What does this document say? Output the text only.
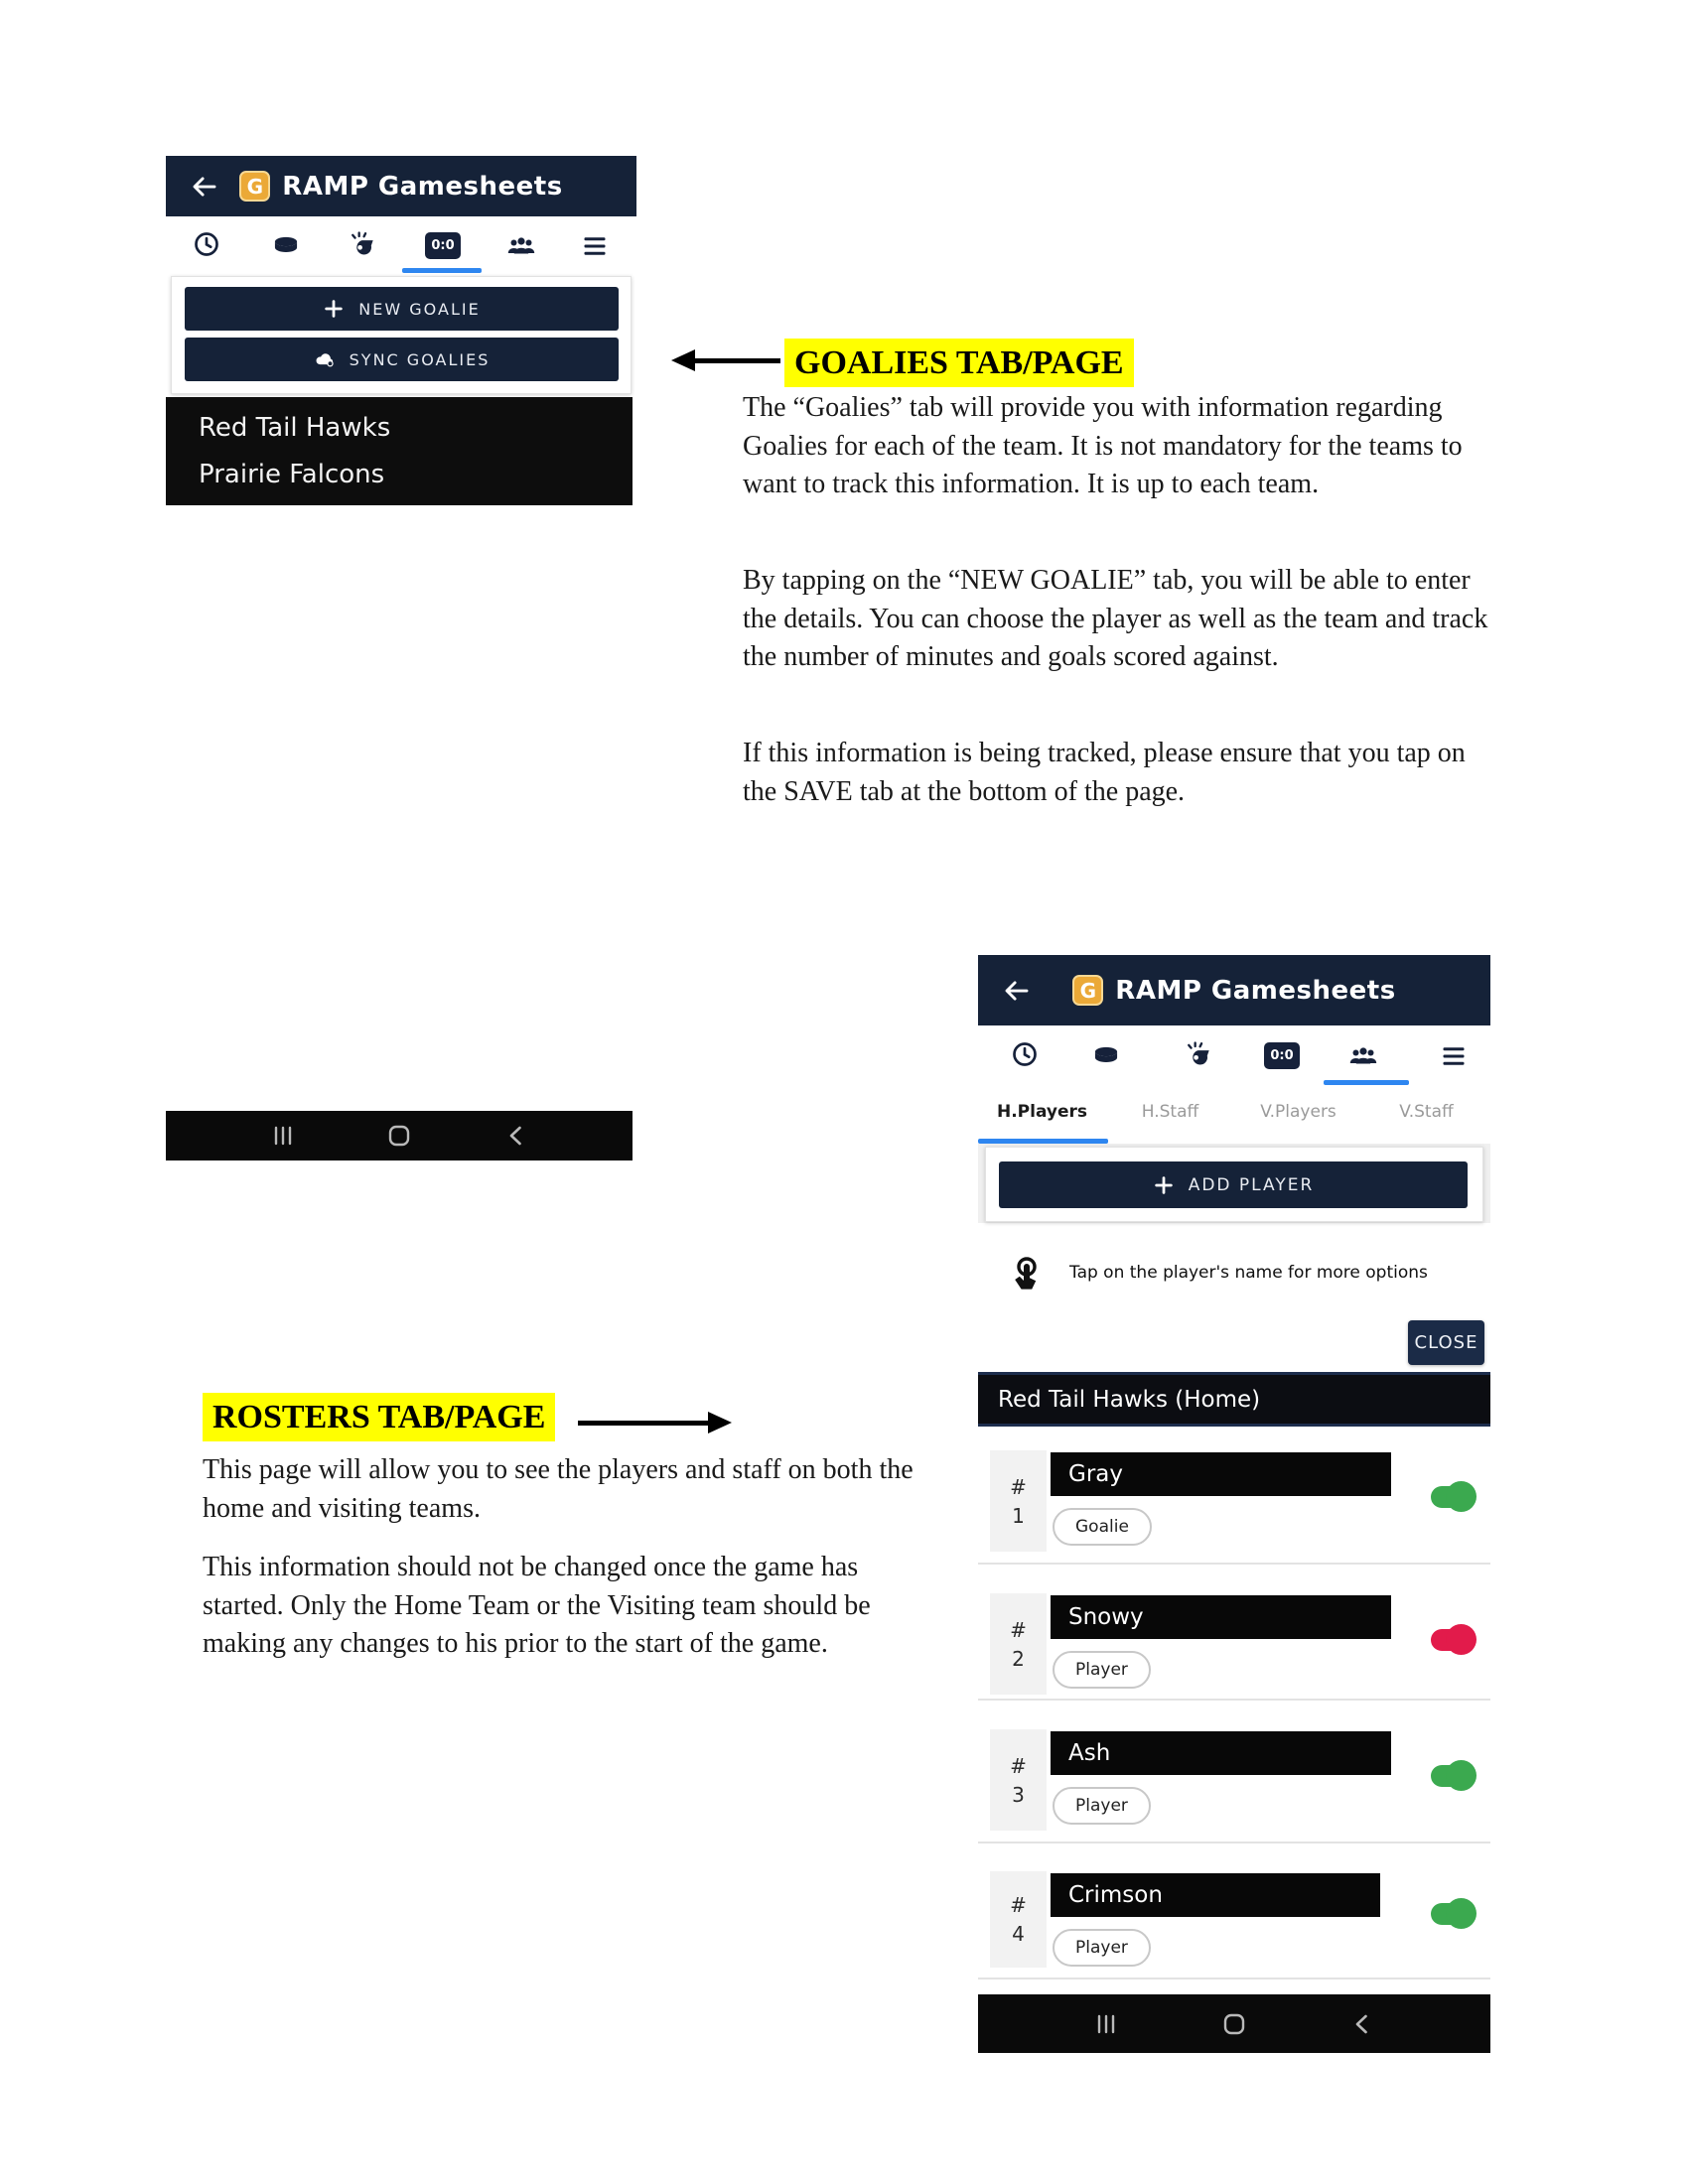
G RAMP Gamesheets
0:0
NEW GOALIE
SYNC GOALIES
Red Tail Hawks
Prairie Falcons
GOALIES TAB/PAGE

The “Goalies” tab will provide you with information regarding Goalies for each of the team. It is not mandatory for the teams to want to track this information. It is up to each team.

By tapping on the “NEW GOALIE” tab, you will be able to enter the details. You can choose the player as well as the team and track the number of minutes and goals scored against.

If this information is being tracked, please ensure that you tap on the SAVE tab at the bottom of the page.

ROSTERS TAB/PAGE

This page will allow you to see the players and staff on both the home and visiting teams.

This information should not be changed once the game has started. Only the Home Team or the Visiting team should be making any changes to his prior to the start of the game.

G RAMP Gamesheets
0:0
H.Players	H.Staff	V.Players	V.Staff
ADD PLAYER
Tap on the player's name for more options
CLOSE
Red Tail Hawks (Home)
#
1
Gray
Goalie
#
2
Snowy
Player
#
3
Ash
Player
#
4
Crimson
Player
